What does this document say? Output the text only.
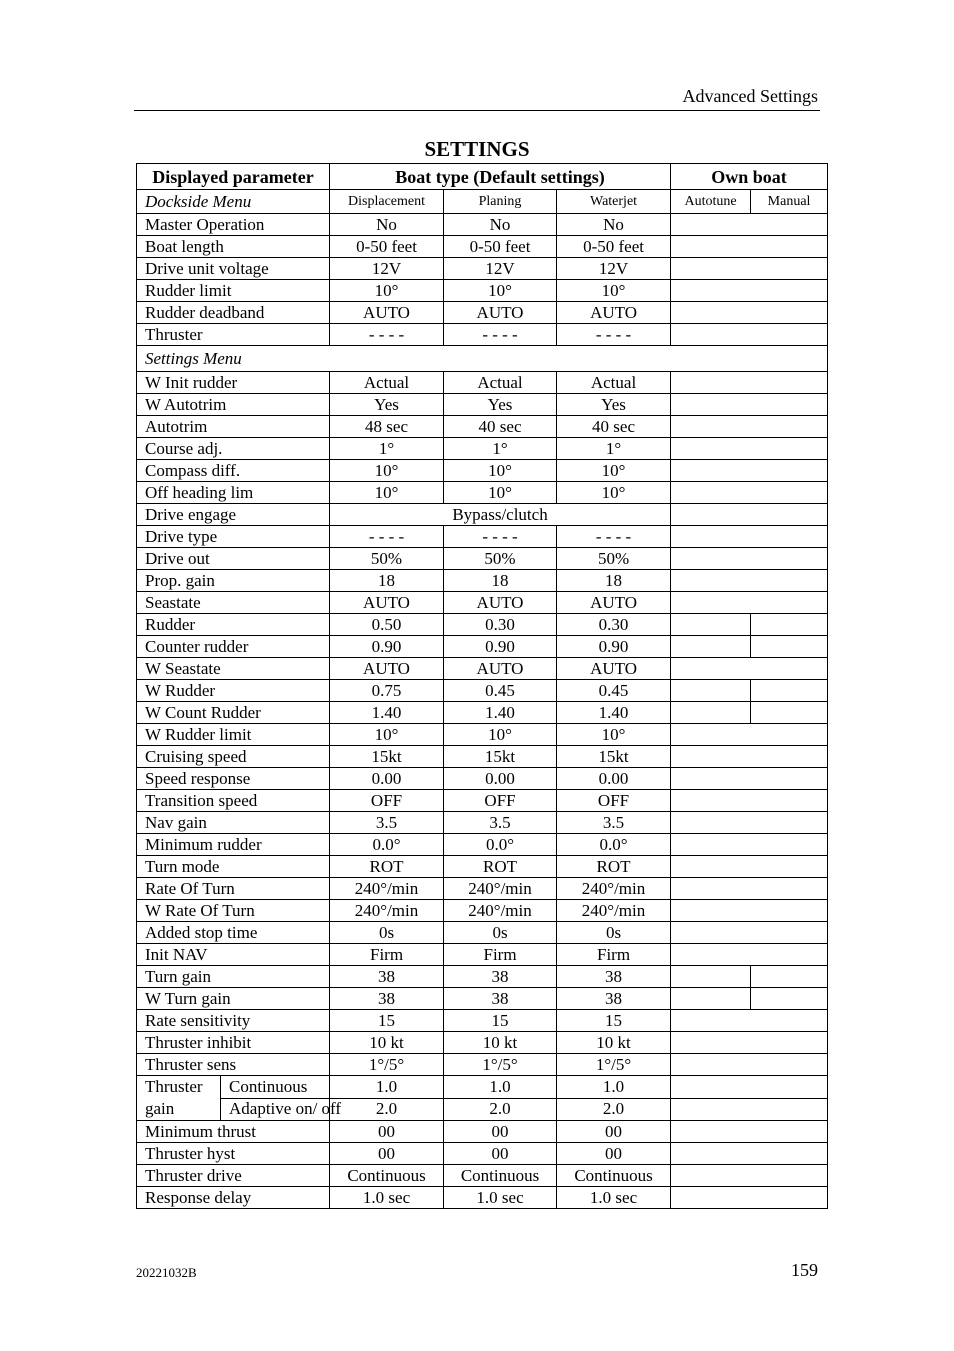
Advanced Settings
SETTINGS
Displayed parameter		Boat type (Default settings)			Own boat	
Dockside Menu		Displacement	Planing	Waterjet	Autotune	Manual
Master Operation		No	No	No		
Boat length		0-50 feet	0-50 feet	0-50 feet		
Drive unit voltage		12V	12V	12V		
Rudder limit		10°	10°	10°		
Rudder deadband		AUTO	AUTO	AUTO		
Thruster		- - - -	- - - -	- - - -		
Settings Menu						
W Init rudder		Actual	Actual	Actual		
W Autotrim		Yes	Yes	Yes		
Autotrim		48 sec	40 sec	40 sec		
Course adj.		1°	1°	1°		
Compass diff.		10°	10°	10°		
Off heading lim		10°	10°	10°		
Drive engage		Bypass/clutch				
Drive type		- - - -	- - - -	- - - -		
Drive out		50%	50%	50%		
Prop. gain		18	18	18		
Seastate		AUTO	AUTO	AUTO		
Rudder		0.50	0.30	0.30		
Counter rudder		0.90	0.90	0.90		
W Seastate		AUTO	AUTO	AUTO		
W Rudder		0.75	0.45	0.45		
W Count Rudder		1.40	1.40	1.40		
W Rudder limit		10°	10°	10°		
Cruising speed		15kt	15kt	15kt		
Speed response		0.00	0.00	0.00		
Transition speed		OFF	OFF	OFF		
Nav gain		3.5	3.5	3.5		
Minimum rudder		0.0°	0.0°	0.0°		
Turn mode		ROT	ROT	ROT		
Rate Of Turn		240°/min	240°/min	240°/min		
W Rate Of Turn		240°/min	240°/min	240°/min		
Added stop time		0s	0s	0s		
Init NAV		Firm	Firm	Firm		
Turn gain		38	38	38		
W Turn gain		38	38	38		
Rate sensitivity		15	15	15		
Thruster inhibit		10 kt	10 kt	10 kt		
Thruster sens		1°/5°	1°/5°	1°/5°		
Thruster
gain	Continuous	1.0	1.0	1.0		
	Adaptive on/ off	2.0	2.0	2.0		
Minimum thrust		00	00	00		
Thruster hyst		00	00	00		
Thruster drive		Continuous	Continuous	Continuous		
Response delay		1.0 sec	1.0 sec	1.0 sec		
20221032B	159
